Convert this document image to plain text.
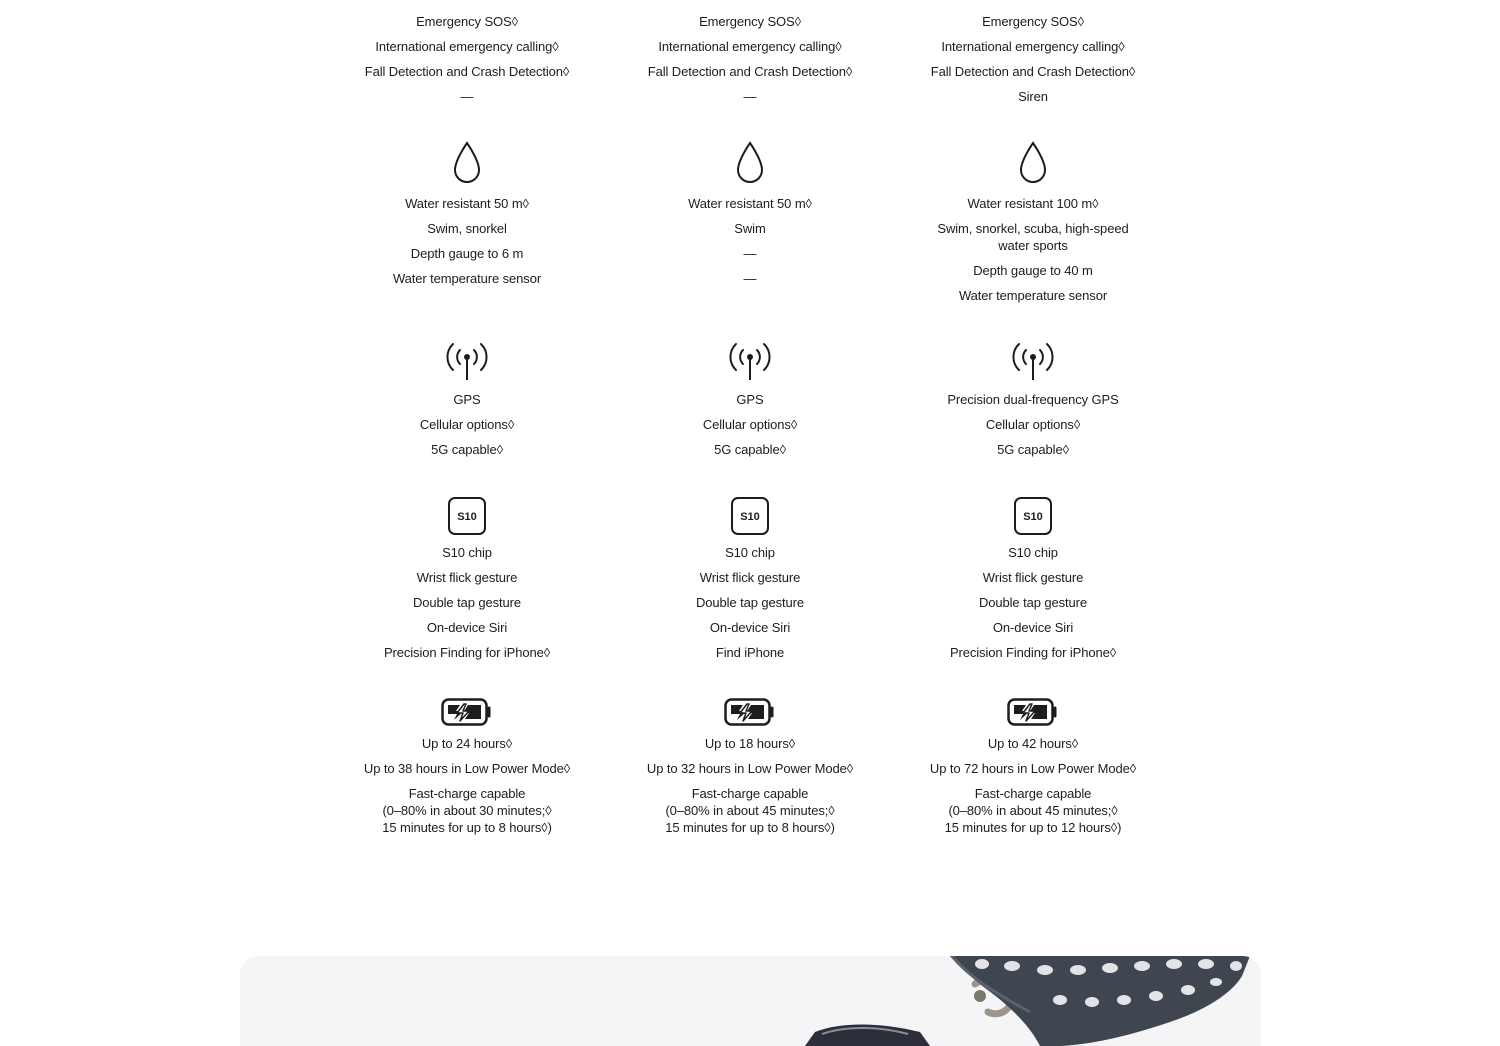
Emergency SOS◊
International emergency calling◊
Fall Detection and Crash Detection◊
—
Water resistant 50 m◊
Swim, snorkel
Depth gauge to 6 m
Water temperature sensor
GPS
Cellular options◊
5G capable◊
S10
S10 chip
Wrist flick gesture
Double tap gesture
On-device Siri
Precision Finding for iPhone◊
Up to 24 hours◊
Up to 38 hours in Low Power Mode◊
Fast-charge capable
(0–80% in about 30 minutes;◊
15 minutes for up to 8 hours◊)
Emergency SOS◊
International emergency calling◊
Fall Detection and Crash Detection◊
—
Water resistant 50 m◊
Swim
—
—
GPS
Cellular options◊
5G capable◊
S10
S10 chip
Wrist flick gesture
Double tap gesture
On-device Siri
Find iPhone
Up to 18 hours◊
Up to 32 hours in Low Power Mode◊
Fast-charge capable
(0–80% in about 45 minutes;◊
15 minutes for up to 8 hours◊)
Emergency SOS◊
International emergency calling◊
Fall Detection and Crash Detection◊
Siren
Water resistant 100 m◊
Swim, snorkel, scuba, high-speed
water sports
Depth gauge to 40 m
Water temperature sensor
Precision dual-frequency GPS
Cellular options◊
5G capable◊
S10
S10 chip
Wrist flick gesture
Double tap gesture
On-device Siri
Precision Finding for iPhone◊
Up to 42 hours◊
Up to 72 hours in Low Power Mode◊
Fast-charge capable
(0–80% in about 45 minutes;◊
15 minutes for up to 12 hours◊)
